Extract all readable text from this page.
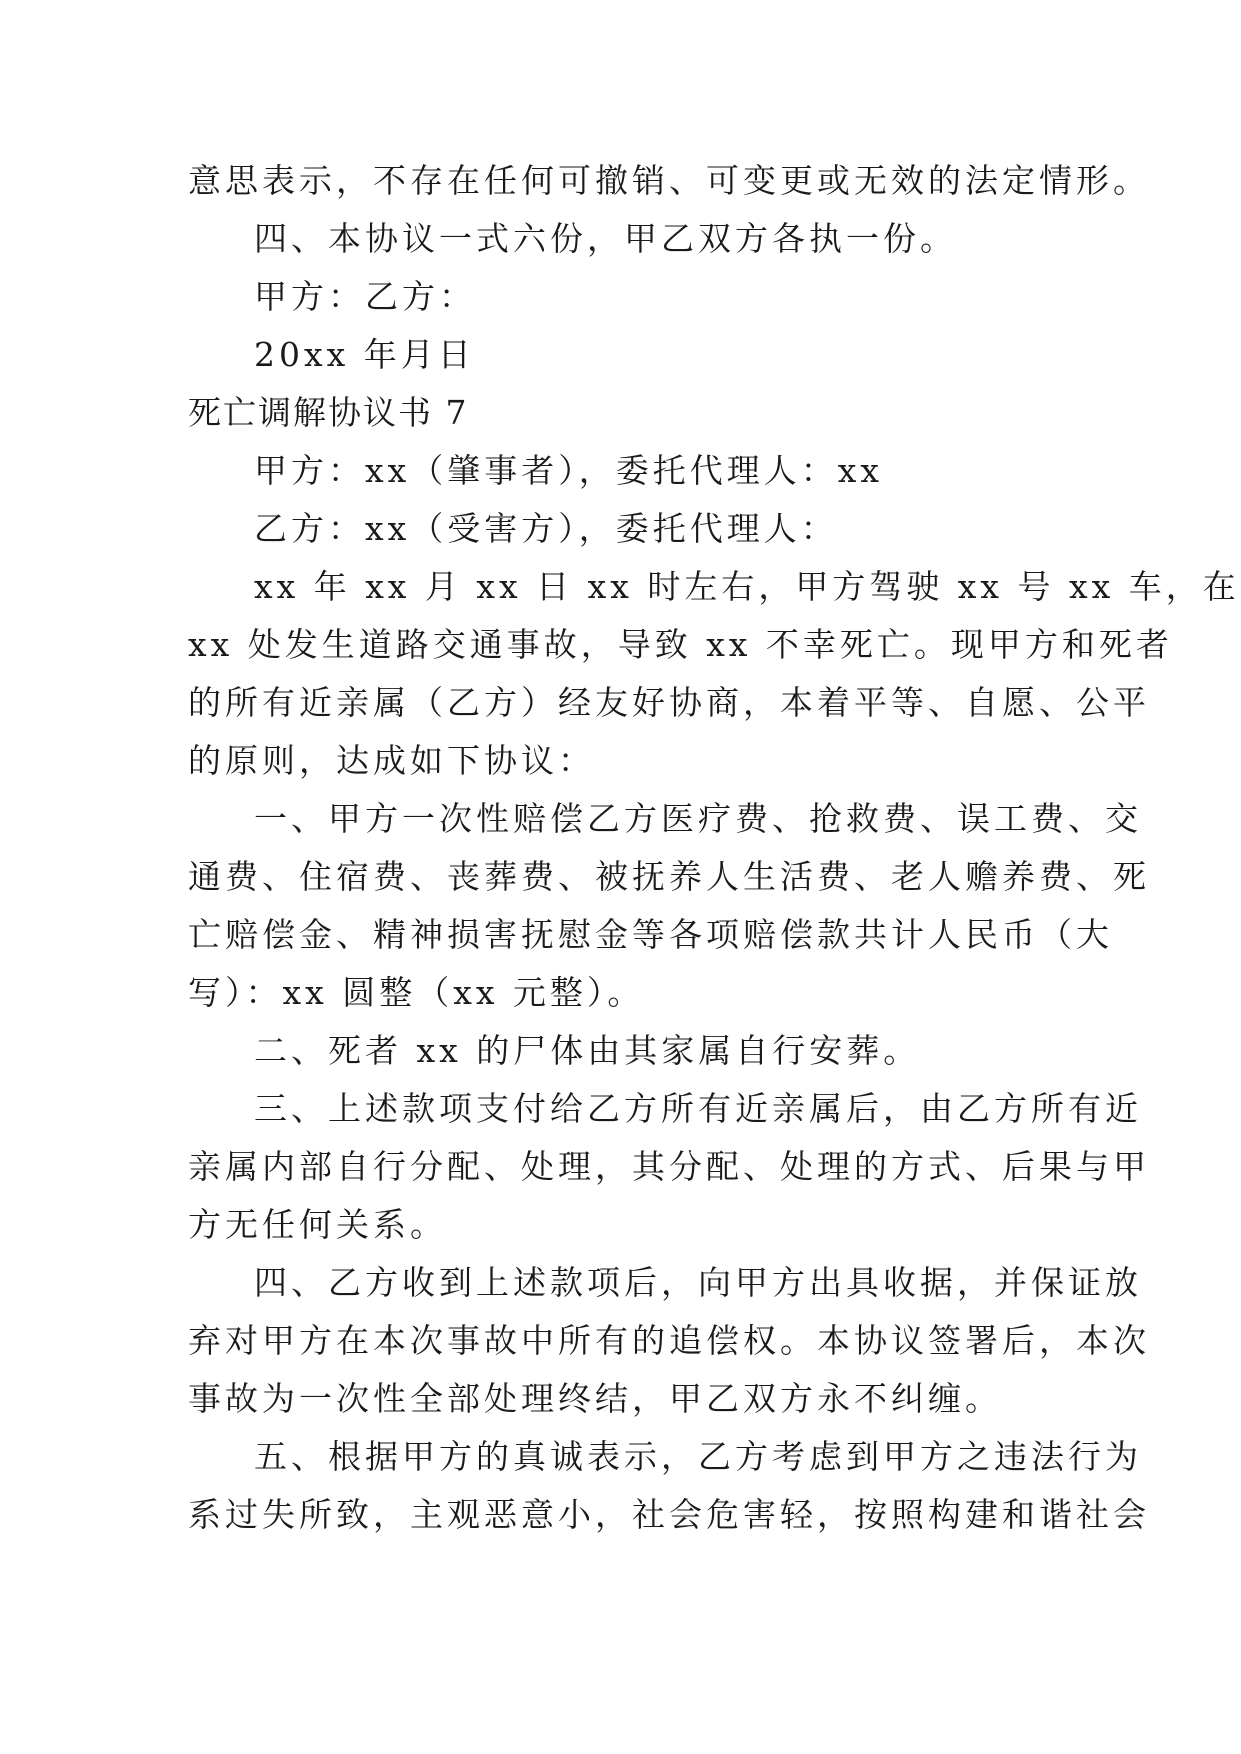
意思表示，不存在任何可撤销、可变更或无效的法定情形。
四、本协议一式六份，甲乙双方各执一份。
甲方：乙方：
20xx 年月日
死亡调解协议书 7
甲方：xx（肇事者），委托代理人：xx
乙方：xx（受害方），委托代理人：
xx 年 xx 月 xx 日 xx 时左右，甲方驾驶 xx 号 xx 车，在
xx 处发生道路交通事故，导致 xx 不幸死亡。现甲方和死者
的所有近亲属（乙方）经友好协商，本着平等、自愿、公平
的原则，达成如下协议：
一、甲方一次性赔偿乙方医疗费、抢救费、误工费、交
通费、住宿费、丧葬费、被抚养人生活费、老人赡养费、死
亡赔偿金、精神损害抚慰金等各项赔偿款共计人民币（大
写）：xx 圆整（xx 元整）。
二、死者 xx 的尸体由其家属自行安葬。
三、上述款项支付给乙方所有近亲属后，由乙方所有近
亲属内部自行分配、处理，其分配、处理的方式、后果与甲
方无任何关系。
四、乙方收到上述款项后，向甲方出具收据，并保证放
弃对甲方在本次事故中所有的追偿权。本协议签署后，本次
事故为一次性全部处理终结，甲乙双方永不纠缠。
五、根据甲方的真诚表示，乙方考虑到甲方之违法行为
系过失所致，主观恶意小，社会危害轻，按照构建和谐社会
